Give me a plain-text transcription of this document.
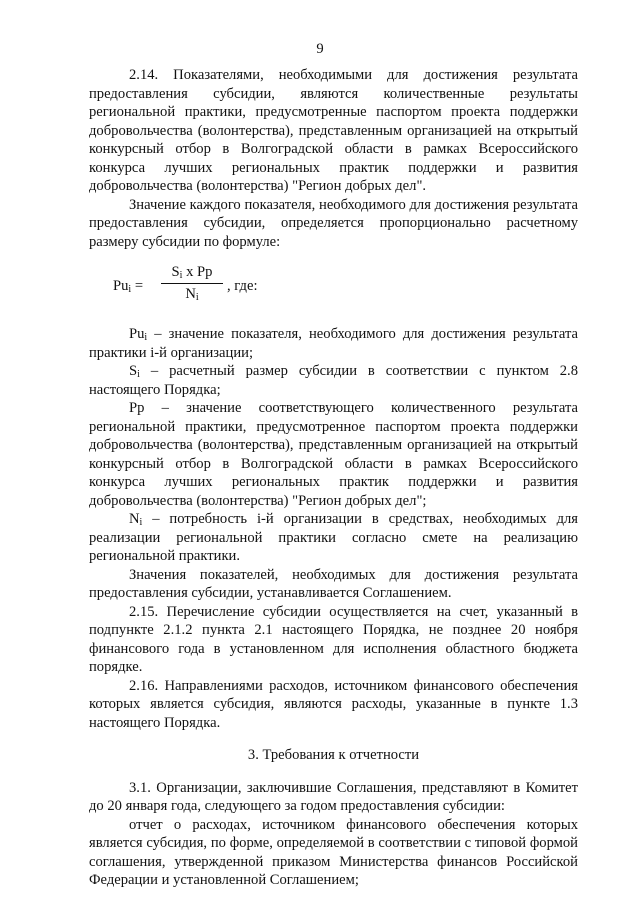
9

2.14. Показателями, необходимыми для достижения результата предоставления субсидии, являются количественные результаты региональной практики, предусмотренные паспортом проекта поддержки добровольчества (волонтерства), представленным организацией на открытый конкурсный отбор в Волгоградской области в рамках Всероссийского конкурса лучших региональных практик поддержки и развития добровольчества (волонтерства) "Регион добрых дел".

Значение каждого показателя, необходимого для достижения результата предоставления субсидии, определяется пропорционально расчетному размеру субсидии по формуле:

$Pu_i$ =
$S_i$ x Pp
$N_i$
, где:

$Pu_i$ – значение показателя, необходимого для достижения результата практики i-й организации;

$S_i$ – расчетный размер субсидии в соответствии с пунктом 2.8 настоящего Порядка;

Pp – значение соответствующего количественного результата региональной практики, предусмотренное паспортом проекта поддержки добровольчества (волонтерства), представленным организацией на открытый конкурсный отбор в Волгоградской области в рамках Всероссийского конкурса лучших региональных практик поддержки и развития добровольчества (волонтерства) "Регион добрых дел";

$N_i$ – потребность i-й организации в средствах, необходимых для реализации региональной практики согласно смете на реализацию региональной практики.

Значения показателей, необходимых для достижения результата предоставления субсидии, устанавливается Соглашением.

2.15. Перечисление субсидии осуществляется на счет, указанный в подпункте 2.1.2 пункта 2.1 настоящего Порядка, не позднее 20 ноября финансового года в установленном для исполнения областного бюджета порядке.

2.16. Направлениями расходов, источником финансового обеспечения которых является субсидия, являются расходы, указанные в пункте 1.3 настоящего Порядка.

3. Требования к отчетности

3.1. Организации, заключившие Соглашения, представляют в Комитет до 20 января года, следующего за годом предоставления субсидии:

отчет о расходах, источником финансового обеспечения которых является субсидия, по форме, определяемой в соответствии с типовой формой соглашения, утвержденной приказом Министерства финансов Российской Федерации и установленной Соглашением;
